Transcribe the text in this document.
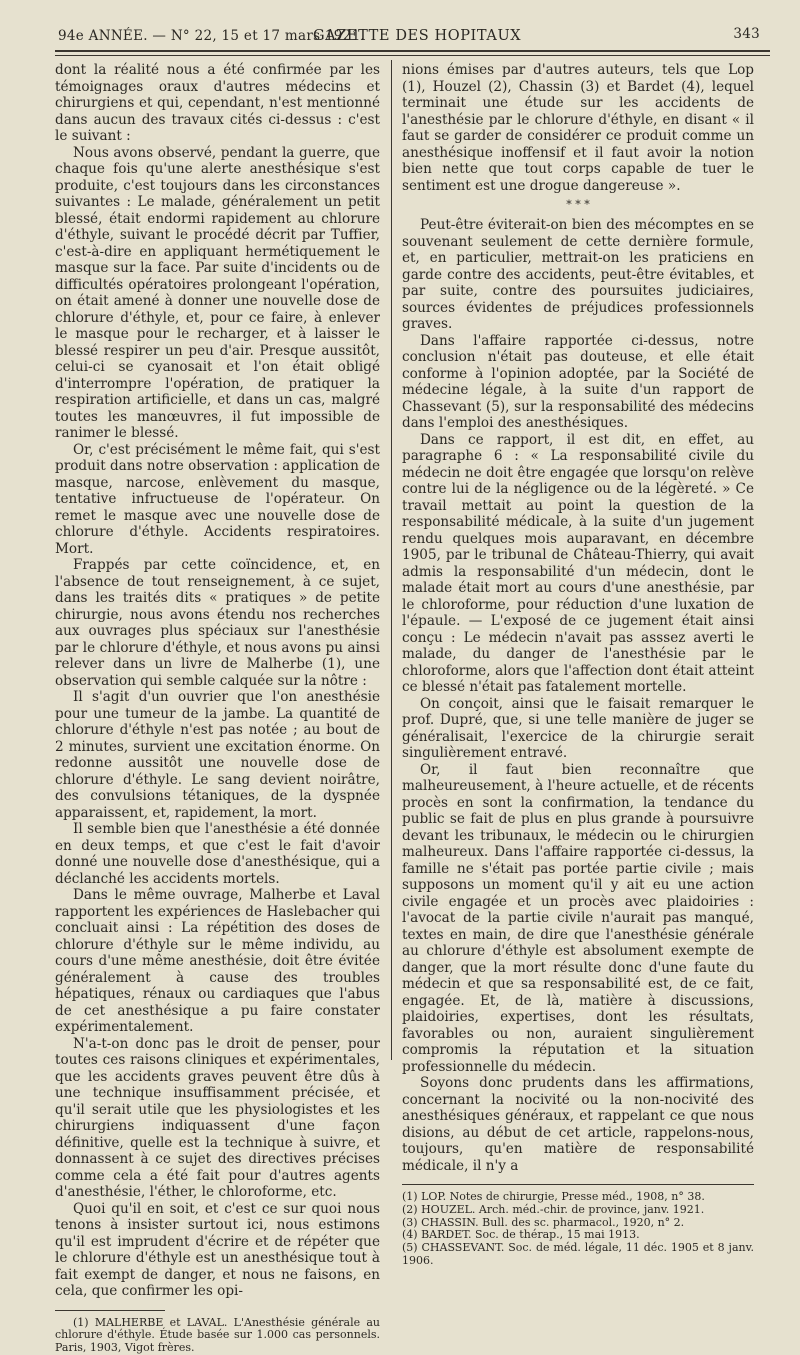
94e ANNÉE. — N° 22, 15 et 17 mars 1921.
GAZETTE DES HOPITAUX	343

dont la réalité nous a été confirmée par les témoignages oraux d'autres médecins et chirurgiens et qui, cependant, n'est mentionné dans aucun des travaux cités ci-dessus : c'est le suivant :

Nous avons observé, pendant la guerre, que chaque fois qu'une alerte anesthésique s'est produite, c'est toujours dans les circonstances suivantes : Le malade, généralement un petit blessé, était endormi rapidement au chlorure d'éthyle, suivant le procédé décrit par Tuffier, c'est-à-dire en appliquant hermétiquement le masque sur la face. Par suite d'incidents ou de difficultés opératoires prolongeant l'opération, on était amené à donner une nouvelle dose de chlorure d'éthyle, et, pour ce faire, à enlever le masque pour le recharger, et à laisser le blessé respirer un peu d'air. Presque aussitôt, celui-ci se cyanosait et l'on était obligé d'interrompre l'opération, de pratiquer la respiration artificielle, et dans un cas, malgré toutes les manœuvres, il fut impossible de ranimer le blessé.

Or, c'est précisément le même fait, qui s'est produit dans notre observation : application de masque, narcose, enlèvement du masque, tentative infructueuse de l'opérateur. On remet le masque avec une nouvelle dose de chlorure d'éthyle. Accidents respiratoires. Mort.

Frappés par cette coïncidence, et, en l'absence de tout renseignement, à ce sujet, dans les traités dits « pratiques » de petite chirurgie, nous avons étendu nos recherches aux ouvrages plus spéciaux sur l'anesthésie par le chlorure d'éthyle, et nous avons pu ainsi relever dans un livre de Malherbe (1), une observation qui semble calquée sur la nôtre :

Il s'agit d'un ouvrier que l'on anesthésie pour une tumeur de la jambe. La quantité de chlorure d'éthyle n'est pas notée ; au bout de 2 minutes, survient une excitation énorme. On redonne aussitôt une nouvelle dose de chlorure d'éthyle. Le sang devient noirâtre, des convulsions tétaniques, de la dyspnée apparaissent, et, rapidement, la mort.

Il semble bien que l'anesthésie a été donnée en deux temps, et que c'est le fait d'avoir donné une nouvelle dose d'anesthésique, qui a déclanché les accidents mortels.

Dans le même ouvrage, Malherbe et Laval rapportent les expériences de Haslebacher qui concluait ainsi : La répétition des doses de chlorure d'éthyle sur le même individu, au cours d'une même anesthésie, doit être évitée généralement à cause des troubles hépatiques, rénaux ou cardiaques que l'abus de cet anesthésique a pu faire constater expérimentalement.

N'a-t-on donc pas le droit de penser, pour toutes ces raisons cliniques et expérimentales, que les accidents graves peuvent être dûs à une technique insuffisamment précisée, et qu'il serait utile que les physiologistes et les chirurgiens indiquassent d'une façon définitive, quelle est la technique à suivre, et donnassent à ce sujet des directives précises comme cela a été fait pour d'autres agents d'anesthésie, l'éther, le chloroforme, etc.

Quoi qu'il en soit, et c'est ce sur quoi nous tenons à insister surtout ici, nous estimons qu'il est imprudent d'écrire et de répéter que le chlorure d'éthyle est un anesthésique tout à fait exempt de danger, et nous ne faisons, en cela, que confirmer les opi-

(1) MALHERBE et LAVAL. L'Anesthésie générale au chlorure d'éthyle. Étude basée sur 1.000 cas personnels. Paris, 1903, Vigot frères.

nions émises par d'autres auteurs, tels que Lop (1), Houzel (2), Chassin (3) et Bardet (4), lequel terminait une étude sur les accidents de l'anesthésie par le chlorure d'éthyle, en disant « il faut se garder de considérer ce produit comme un anesthésique inoffensif et il faut avoir la notion bien nette que tout corps capable de tuer le sentiment est une drogue dangereuse ».

* * *

Peut-être éviterait-on bien des mécomptes en se souvenant seulement de cette dernière formule, et, en particulier, mettrait-on les praticiens en garde contre des accidents, peut-être évitables, et par suite, contre des poursuites judiciaires, sources évidentes de préjudices professionnels graves.

Dans l'affaire rapportée ci-dessus, notre conclusion n'était pas douteuse, et elle était conforme à l'opinion adoptée, par la Société de médecine légale, à la suite d'un rapport de Chassevant (5), sur la responsabilité des médecins dans l'emploi des anesthésiques.

Dans ce rapport, il est dit, en effet, au paragraphe 6 : « La responsabilité civile du médecin ne doit être engagée que lorsqu'on relève contre lui de la négligence ou de la légèreté. » Ce travail mettait au point la question de la responsabilité médicale, à la suite d'un jugement rendu quelques mois auparavant, en décembre 1905, par le tribunal de Château-Thierry, qui avait admis la responsabilité d'un médecin, dont le malade était mort au cours d'une anesthésie, par le chloroforme, pour réduction d'une luxation de l'épaule. — L'exposé de ce jugement était ainsi conçu : Le médecin n'avait pas asssez averti le malade, du danger de l'anesthésie par le chloroforme, alors que l'affection dont était atteint ce blessé n'était pas fatalement mortelle.

On conçoit, ainsi que le faisait remarquer le prof. Dupré, que, si une telle manière de juger se généralisait, l'exercice de la chirurgie serait singulièrement entravé.

Or, il faut bien reconnaître que malheureusement, à l'heure actuelle, et de récents procès en sont la confirmation, la tendance du public se fait de plus en plus grande à poursuivre devant les tribunaux, le médecin ou le chirurgien malheureux. Dans l'affaire rapportée ci-dessus, la famille ne s'était pas portée partie civile ; mais supposons un moment qu'il y ait eu une action civile engagée et un procès avec plaidoiries : l'avocat de la partie civile n'aurait pas manqué, textes en main, de dire que l'anesthésie générale au chlorure d'éthyle est absolument exempte de danger, que la mort résulte donc d'une faute du médecin et que sa responsabilité est, de ce fait, engagée. Et, de là, matière à discussions, plaidoiries, expertises, dont les résultats, favorables ou non, auraient singulièrement compromis la réputation et la situation professionnelle du médecin.

Soyons donc prudents dans les affirmations, concernant la nocivité ou la non-nocivité des anesthésiques généraux, et rappelant ce que nous disions, au début de cet article, rappelons-nous, toujours, qu'en matière de responsabilité médicale, il n'y a

(1) LOP. Notes de chirurgie, Presse méd., 1908, n° 38.

(2) HOUZEL. Arch. méd.-chir. de province, janv. 1921.

(3) CHASSIN. Bull. des sc. pharmacol., 1920, n° 2.

(4) BARDET. Soc. de thérap., 15 mai 1913.

(5) CHASSEVANT. Soc. de méd. légale, 11 déc. 1905 et 8 janv. 1906.
